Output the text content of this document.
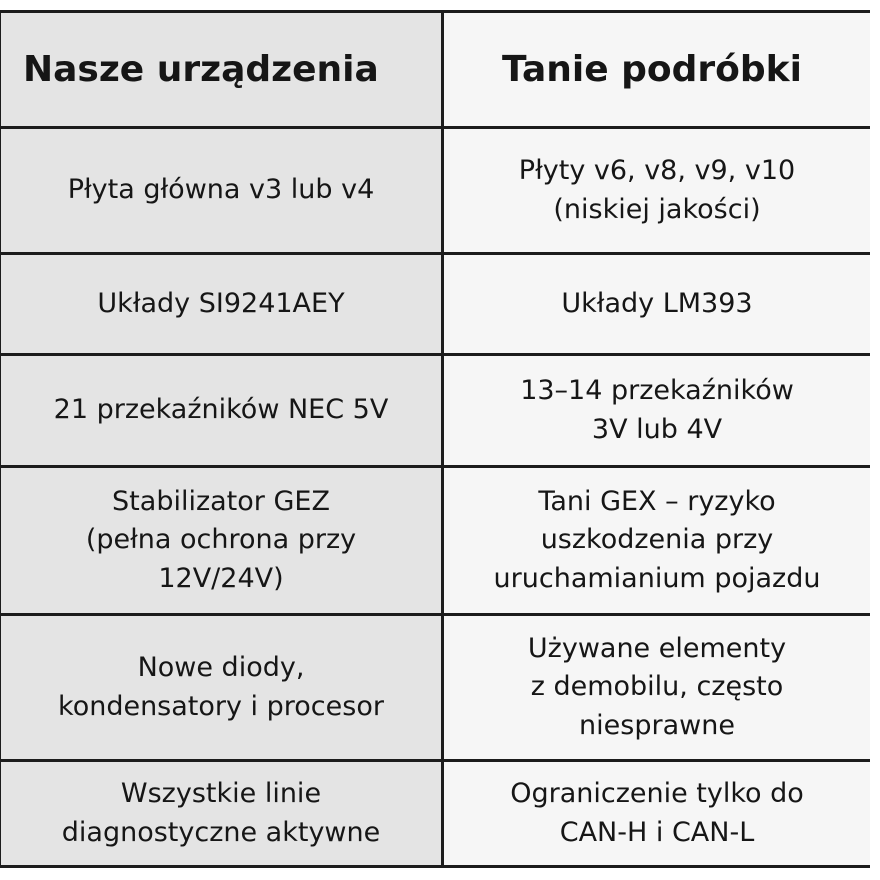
Nasze urządzenia	Tanie podróbki
Płyta główna v3 lub v4
Płyty v6, v8, v9, v10
(niskiej jakości)
Układy SI9241AEY	Układy LM393
21 przekaźników NEC 5V
13–14 przekaźników
3V lub 4V
Stabilizator GEZ
(pełna ochrona przy
12V/24V)
Tani GEX – ryzyko
uszkodzenia przy
uruchamianium pojazdu
Nowe diody,
kondensatory i procesor
Używane elementy
z demobilu, często
niesprawne
Wszystkie linie
diagnostyczne aktywne
Ograniczenie tylko do
CAN-H i CAN-L
